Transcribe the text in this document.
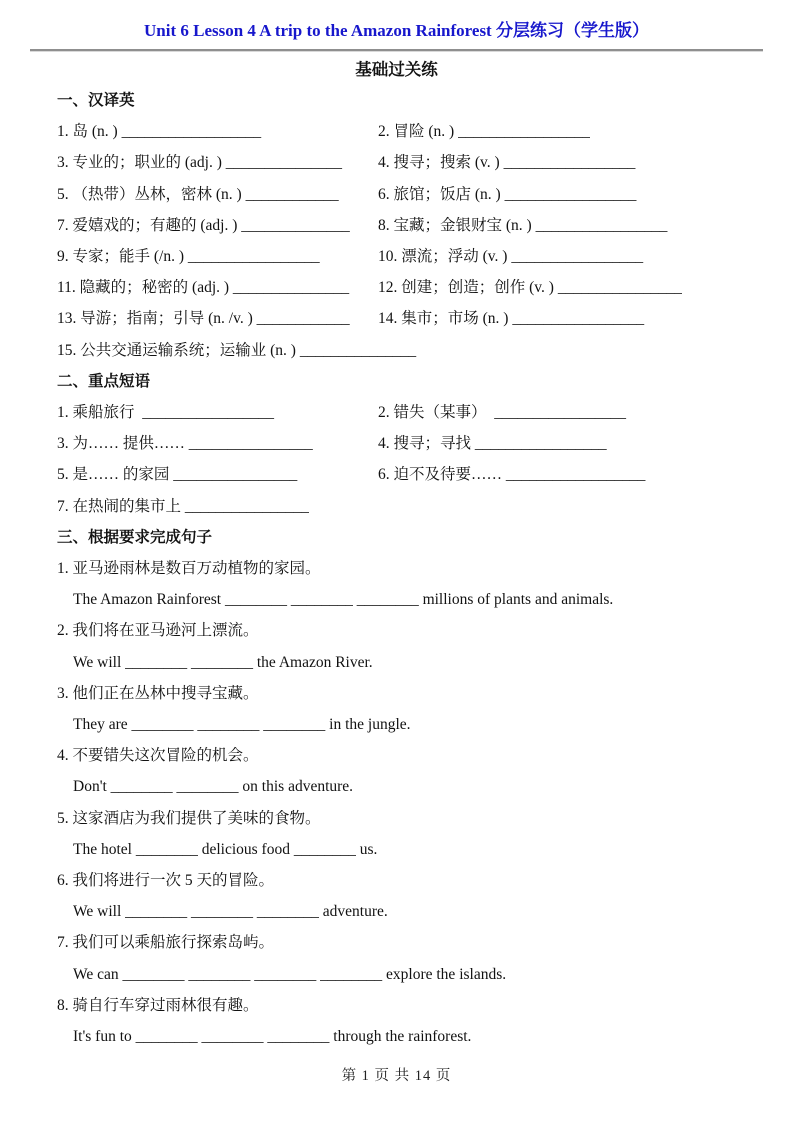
Unit 6 Lesson 4 A trip to the Amazon Rainforest 分层练习（学生版）
基础过关练
一、汉译英
1. 岛 (n. ) __________________	2. 冒险 (n. ) _________________
3. 专业的；职业的 (adj. ) _______________	4. 搜寻；搜索 (v. ) _________________
5. （热带）丛林，密林 (n. ) ____________	6. 旅馆；饭店 (n. ) _________________
7. 爱嬉戏的；有趣的 (adj. ) ______________	8. 宝藏；金银财宝 (n. ) _________________
9. 专家；能手 (/n. ) _________________	10. 漂流；浮动 (v. ) _________________
11. 隐藏的；秘密的 (adj. ) _______________	12. 创建；创造；创作 (v. ) ________________
13. 导游；指南；引导 (n. /v. ) ____________	14. 集市；市场 (n. ) _________________
15. 公共交通运输系统；运输业 (n. ) _______________
二、重点短语
1. 乘船旅行  _________________	2. 错失（某事）  _________________
3. 为…… 提供…… ________________	4. 搜寻；寻找 _________________
5. 是…… 的家园 ________________	6. 迫不及待要…… __________________
7. 在热闹的集市上 ________________
三、根据要求完成句子
1. 亚马逊雨林是数百万动植物的家园。
The Amazon Rainforest ________ ________ ________ millions of plants and animals.
2. 我们将在亚马逊河上漂流。
We will ________ ________ the Amazon River.
3. 他们正在丛林中搜寻宝藏。
They are ________ ________ ________ in the jungle.
4. 不要错失这次冒险的机会。
Don't ________ ________ on this adventure.
5. 这家酒店为我们提供了美味的食物。
The hotel ________ delicious food ________ us.
6. 我们将进行一次 5 天的冒险。
We will ________ ________ ________ adventure.
7. 我们可以乘船旅行探索岛屿。
We can ________ ________ ________ ________ explore the islands.
8. 骑自行车穿过雨林很有趣。
It's fun to ________ ________ ________ through the rainforest.
第 1 页 共 14 页
